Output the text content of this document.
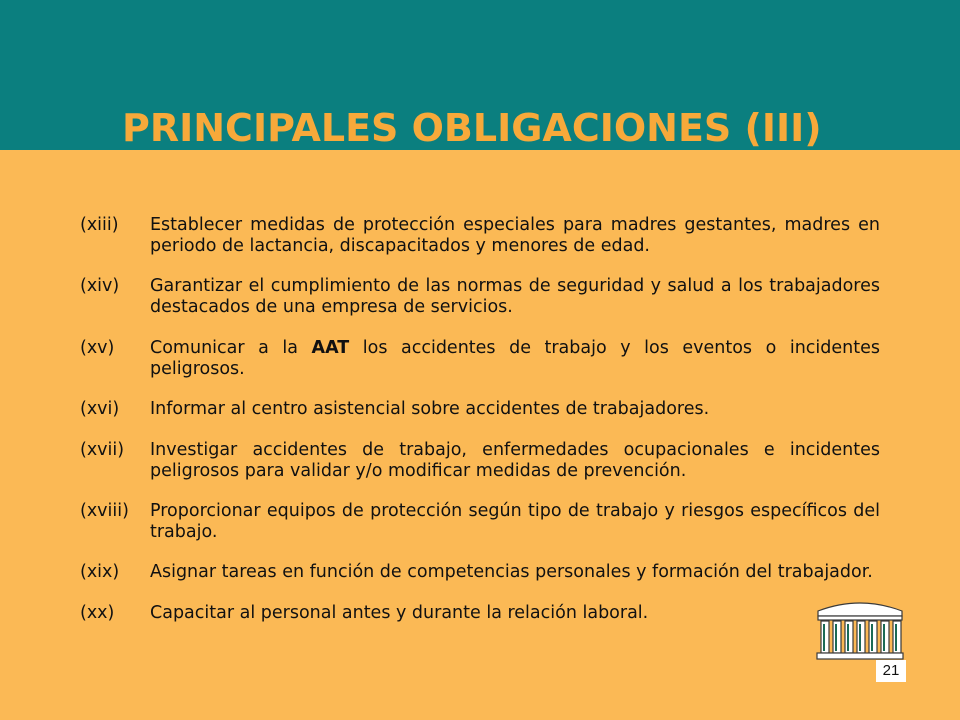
PRINCIPALES OBLIGACIONES (III)
(xiii)	Establecer medidas de protección especiales para madres gestantes, madres en periodo de lactancia, discapacitados y menores de edad.
(xiv)	Garantizar el cumplimiento de las normas de seguridad y salud a los trabajadores destacados de una empresa de servicios.
(xv)	Comunicar a la AAT los accidentes de trabajo y los eventos o incidentes peligrosos.
(xvi)	Informar al centro asistencial sobre accidentes de trabajadores.
(xvii)	Investigar accidentes de trabajo, enfermedades ocupacionales e incidentes peligrosos para validar y/o modificar medidas de prevención.
(xviii)	Proporcionar equipos de protección según tipo de trabajo y riesgos específicos del trabajo.
(xix)	Asignar tareas en función de competencias personales y formación del trabajador.
(xx)	Capacitar al personal antes y durante la relación laboral.
21
